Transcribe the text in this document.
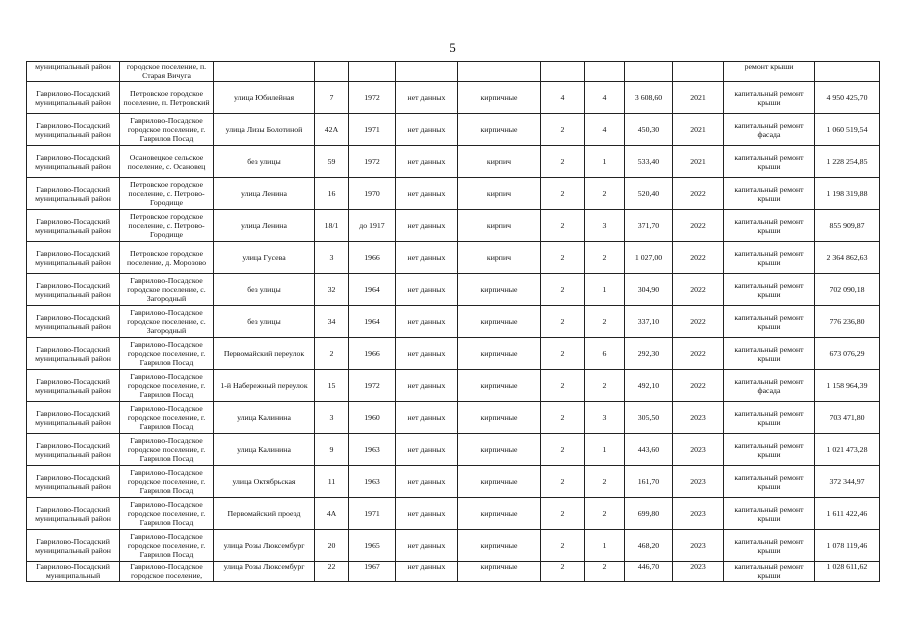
5
муниципальный район	городское поселение, п. Старая Вичуга										ремонт крыши	
Гаврилово-Посадский муниципальный район	Петровское городское поселение, п. Петровский	улица Юбилейная	7	1972	нет данных	кирпичные	4	4	3 608,60	2021	капитальный ремонт крыши	4 950 425,70
Гаврилово-Посадский муниципальный район	Гаврилово-Посадское городское поселение, г. Гаврилов Посад	улица Лизы Болотиной	42А	1971	нет данных	кирпичные	2	4	450,30	2021	капитальный ремонт фасада	1 060 519,54
Гаврилово-Посадский муниципальный район	Осановецкое сельское поселение, с. Осановец	без улицы	59	1972	нет данных	кирпич	2	1	533,40	2021	капитальный ремонт крыши	1 228 254,85
Гаврилово-Посадский муниципальный район	Петровское городское поселение, с. Петрово-Городище	улица Ленина	16	1970	нет данных	кирпич	2	2	520,40	2022	капитальный ремонт крыши	1 198 319,88
Гаврилово-Посадский муниципальный район	Петровское городское поселение, с. Петрово-Городище	улица Ленина	18/1	до 1917	нет данных	кирпич	2	3	371,70	2022	капитальный ремонт крыши	855 909,87
Гаврилово-Посадский муниципальный район	Петровское городское поселение, д. Морозово	улица Гусева	3	1966	нет данных	кирпич	2	2	1 027,00	2022	капитальный ремонт крыши	2 364 862,63
Гаврилово-Посадский муниципальный район	Гаврилово-Посадское городское поселение, с. Загородный	без улицы	32	1964	нет данных	кирпичные	2	1	304,90	2022	капитальный ремонт крыши	702 090,18
Гаврилово-Посадский муниципальный район	Гаврилово-Посадское городское поселение, с. Загородный	без улицы	34	1964	нет данных	кирпичные	2	2	337,10	2022	капитальный ремонт крыши	776 236,80
Гаврилово-Посадский муниципальный район	Гаврилово-Посадское городское поселение, г. Гаврилов Посад	Первомайский переулок	2	1966	нет данных	кирпичные	2	6	292,30	2022	капитальный ремонт крыши	673 076,29
Гаврилово-Посадский муниципальный район	Гаврилово-Посадское городское поселение, г. Гаврилов Посад	1-й Набережный переулок	15	1972	нет данных	кирпичные	2	2	492,10	2022	капитальный ремонт фасада	1 158 964,39
Гаврилово-Посадский муниципальный район	Гаврилово-Посадское городское поселение, г. Гаврилов Посад	улица Калинина	3	1960	нет данных	кирпичные	2	3	305,50	2023	капитальный ремонт крыши	703 471,80
Гаврилово-Посадский муниципальный район	Гаврилово-Посадское городское поселение, г. Гаврилов Посад	улица Калинина	9	1963	нет данных	кирпичные	2	1	443,60	2023	капитальный ремонт крыши	1 021 473,28
Гаврилово-Посадский муниципальный район	Гаврилово-Посадское городское поселение, г. Гаврилов Посад	улица Октябрьская	11	1963	нет данных	кирпичные	2	2	161,70	2023	капитальный ремонт крыши	372 344,97
Гаврилово-Посадский муниципальный район	Гаврилово-Посадское городское поселение, г. Гаврилов Посад	Первомайский проезд	4А	1971	нет данных	кирпичные	2	2	699,80	2023	капитальный ремонт крыши	1 611 422,46
Гаврилово-Посадский муниципальный район	Гаврилово-Посадское городское поселение, г. Гаврилов Посад	улица Розы Люксембург	20	1965	нет данных	кирпичные	2	1	468,20	2023	капитальный ремонт крыши	1 078 119,46
Гаврилово-Посадский муниципальный	Гаврилово-Посадское городское поселение,	улица Розы Люксембург	22	1967	нет данных	кирпичные	2	2	446,70	2023	капитальный ремонт крыши	1 028 611,62
